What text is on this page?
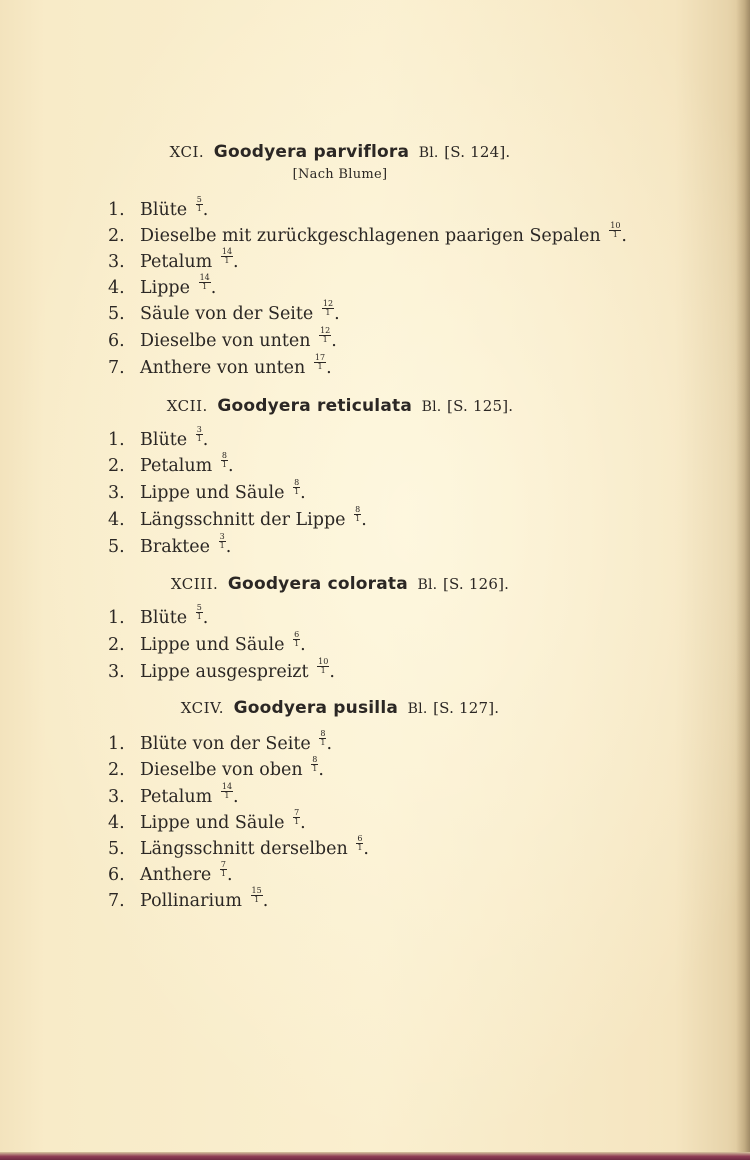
XCI. Goodyera parviflora Bl. [S. 124].
[Nach Blume]
1. Blüte $\frac{5}{1}$ .
2. Dieselbe mit zurückgeschlagenen paarigen Sepalen $\frac{10}{1}$ .
3. Petalum $\frac{14}{1}$ .
4. Lippe $\frac{14}{1}$ .
5. Säule von der Seite $\frac{12}{1}$ .
6. Dieselbe von unten $\frac{12}{1}$ .
7. Anthere von unten $\frac{17}{1}$ .
XCII. Goodyera reticulata Bl. [S. 125].
1. Blüte $\frac{3}{1}$ .
2. Petalum $\frac{8}{1}$ .
3. Lippe und Säule $\frac{8}{1}$ .
4. Längsschnitt der Lippe $\frac{8}{1}$ .
5. Braktee $\frac{3}{1}$ .
XCIII. Goodyera colorata Bl. [S. 126].
1. Blüte $\frac{5}{1}$ .
2. Lippe und Säule $\frac{6}{1}$ .
3. Lippe ausgespreizt $\frac{10}{1}$ .
XCIV. Goodyera pusilla Bl. [S. 127].
1. Blüte von der Seite $\frac{8}{1}$ .
2. Dieselbe von oben $\frac{8}{1}$ .
3. Petalum $\frac{14}{1}$ .
4. Lippe und Säule $\frac{7}{1}$ .
5. Längsschnitt derselben $\frac{6}{1}$ .
6. Anthere $\frac{7}{1}$ .
7. Pollinarium $\frac{15}{1}$ .
